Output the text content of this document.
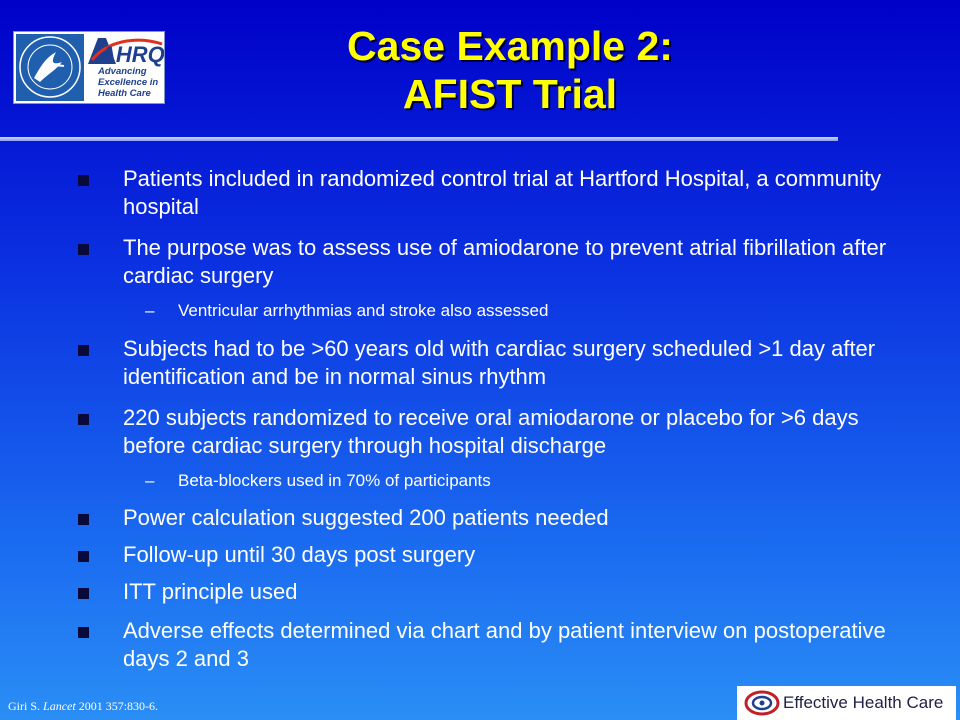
AHRQ
Advancing
Excellence in
Health Care
Case Example 2:
AFIST Trial
Patients included in randomized control trial at Hartford Hospital, a community hospital
The purpose was to assess use of amiodarone to prevent atrial fibrillation after cardiac surgery
– Ventricular arrhythmias and stroke also assessed
Subjects had to be >60 years old with cardiac surgery scheduled >1 day after identification and be in normal sinus rhythm
220 subjects randomized to receive oral amiodarone or placebo for >6 days before cardiac surgery through hospital discharge
– Beta-blockers used in 70% of participants
Power calculation suggested 200 patients needed
Follow-up until 30 days post surgery
ITT principle used
Adverse effects determined via chart and by patient interview on postoperative days 2 and 3
Giri S. Lancet 2001 357:830-6.	Effective Health Care
